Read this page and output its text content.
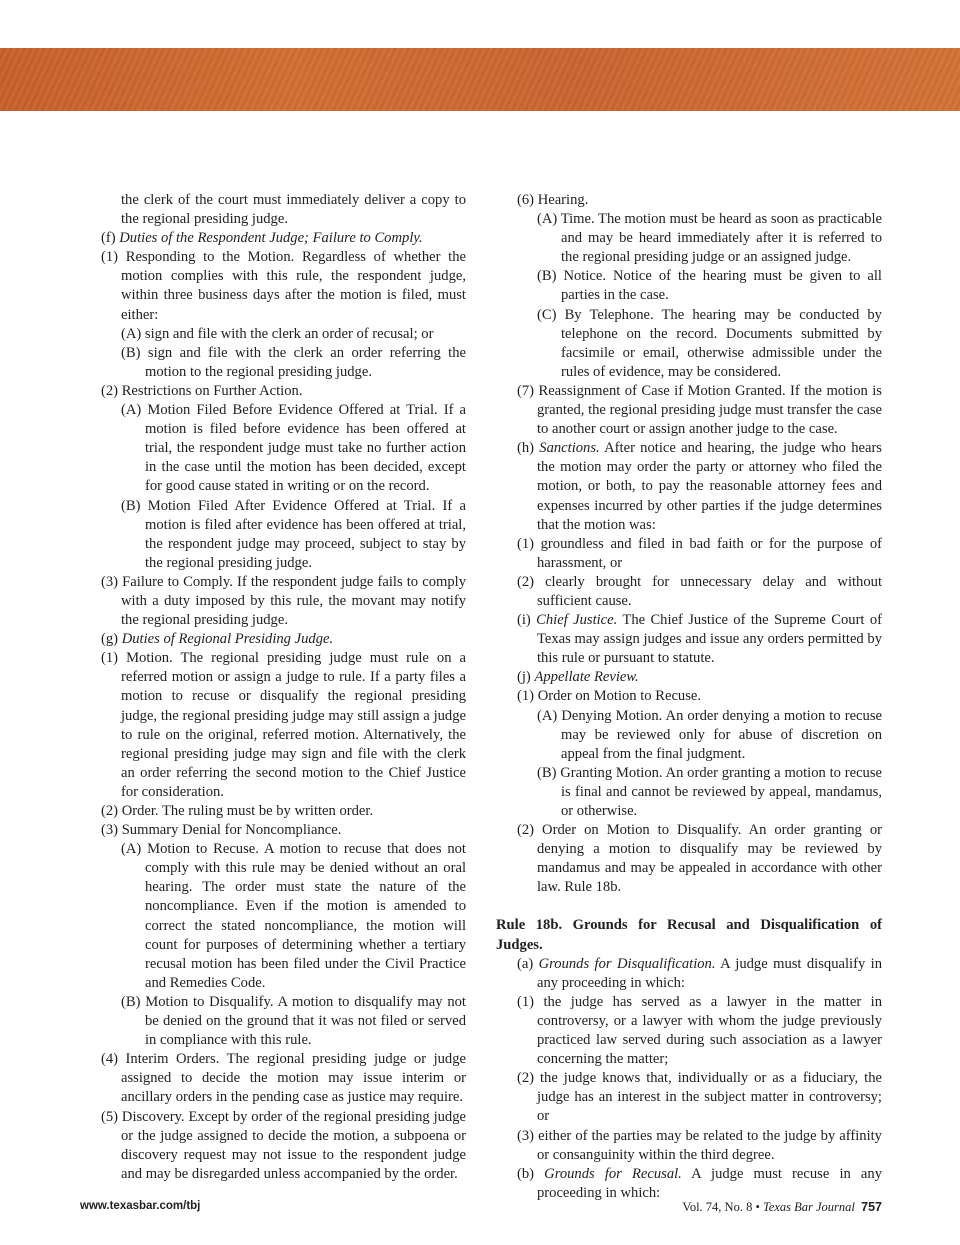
the clerk of the court must immediately deliver a copy to the regional presiding judge.
(f) Duties of the Respondent Judge; Failure to Comply.
(1) Responding to the Motion. Regardless of whether the motion complies with this rule, the respondent judge, within three business days after the motion is filed, must either:
(A) sign and file with the clerk an order of recusal; or
(B) sign and file with the clerk an order referring the motion to the regional presiding judge.
(2) Restrictions on Further Action.
(A) Motion Filed Before Evidence Offered at Trial. If a motion is filed before evidence has been offered at trial, the respondent judge must take no further action in the case until the motion has been decided, except for good cause stated in writing or on the record.
(B) Motion Filed After Evidence Offered at Trial. If a motion is filed after evidence has been offered at trial, the respondent judge may proceed, subject to stay by the regional presiding judge.
(3) Failure to Comply. If the respondent judge fails to comply with a duty imposed by this rule, the movant may notify the regional presiding judge.
(g) Duties of Regional Presiding Judge.
(1) Motion. The regional presiding judge must rule on a referred motion or assign a judge to rule. If a party files a motion to recuse or disqualify the regional presiding judge, the regional presiding judge may still assign a judge to rule on the original, referred motion. Alternatively, the regional presiding judge may sign and file with the clerk an order referring the second motion to the Chief Justice for consideration.
(2) Order. The ruling must be by written order.
(3) Summary Denial for Noncompliance.
(A) Motion to Recuse. A motion to recuse that does not comply with this rule may be denied without an oral hearing. The order must state the nature of the noncompliance. Even if the motion is amended to correct the stated noncompliance, the motion will count for purposes of determining whether a tertiary recusal motion has been filed under the Civil Practice and Remedies Code.
(B) Motion to Disqualify. A motion to disqualify may not be denied on the ground that it was not filed or served in compliance with this rule.
(4) Interim Orders. The regional presiding judge or judge assigned to decide the motion may issue interim or ancillary orders in the pending case as justice may require.
(5) Discovery. Except by order of the regional presiding judge or the judge assigned to decide the motion, a subpoena or discovery request may not issue to the respondent judge and may be disregarded unless accompanied by the order.
(6) Hearing.
(A) Time. The motion must be heard as soon as practicable and may be heard immediately after it is referred to the regional presiding judge or an assigned judge.
(B) Notice. Notice of the hearing must be given to all parties in the case.
(C) By Telephone. The hearing may be conducted by telephone on the record. Documents submitted by facsimile or email, otherwise admissible under the rules of evidence, may be considered.
(7) Reassignment of Case if Motion Granted. If the motion is granted, the regional presiding judge must transfer the case to another court or assign another judge to the case.
(h) Sanctions. After notice and hearing, the judge who hears the motion may order the party or attorney who filed the motion, or both, to pay the reasonable attorney fees and expenses incurred by other parties if the judge determines that the motion was:
(1) groundless and filed in bad faith or for the purpose of harassment, or
(2) clearly brought for unnecessary delay and without sufficient cause.
(i) Chief Justice. The Chief Justice of the Supreme Court of Texas may assign judges and issue any orders permitted by this rule or pursuant to statute.
(j) Appellate Review.
(1) Order on Motion to Recuse.
(A) Denying Motion. An order denying a motion to recuse may be reviewed only for abuse of discretion on appeal from the final judgment.
(B) Granting Motion. An order granting a motion to recuse is final and cannot be reviewed by appeal, mandamus, or otherwise.
(2) Order on Motion to Disqualify. An order granting or denying a motion to disqualify may be reviewed by mandamus and may be appealed in accordance with other law. Rule 18b.
Rule 18b. Grounds for Recusal and Disqualification of Judges.
(a) Grounds for Disqualification. A judge must disqualify in any proceeding in which:
(1) the judge has served as a lawyer in the matter in controversy, or a lawyer with whom the judge previously practiced law served during such association as a lawyer concerning the matter;
(2) the judge knows that, individually or as a fiduciary, the judge has an interest in the subject matter in controversy; or
(3) either of the parties may be related to the judge by affinity or consanguinity within the third degree.
(b) Grounds for Recusal. A judge must recuse in any proceeding in which:
www.texasbar.com/tbj	Vol. 74, No. 8 • Texas Bar Journal 757
